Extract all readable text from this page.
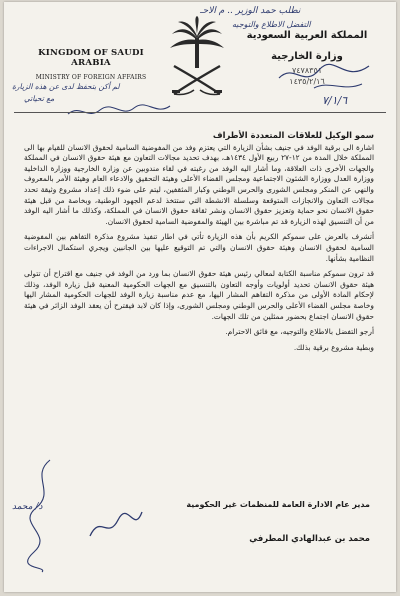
KINGDOM OF SAUDI ARABIA
MINISTRY OF FOREIGN AFFAIRS
المملكة العربية السعودية
وزارة الخارجية
٧٤٧٨٣٥١
١٤٣٥/٢/١٦
نطلب حمد الوزير .. م الاحـ
التفضل الاطلاع والتوجيه
لم أكن بتحفظ لدى عن هذه الزيارة
مع تحياتي	٧/١/٦
د/ محمد

سمو الوكيل للعلاقات المتعددة الأطراف

اشارة الى برقية الوفد في جنيف بشأن الزيارة التي يعتزم وفد من المفوضية السامية لحقوق الانسان للقيام بها الى المملكة خلال المدة من ١٢-٢٧ ربيع الأول ١٤٣٤هـ، بهدف تحديد مجالات التعاون مع هيئة حقوق الانسان في المملكة والجهات الأخرى ذات العلاقة، وما أشار اليه الوفد من رغبته في لقاء مندوبين عن وزارة الخارجية ووزارة الداخلية ووزارة العدل ووزارة الشئون الاجتماعية ومجلس القضاء الأعلى وهيئة التحقيق والادعاء العام وهيئة الأمر بالمعروف والنهي عن المنكر ومجلس الشورى والحرس الوطني وكبار المثقفين، ليتم على ضوء ذلك إعداد مشروع وثيقة تحدد مجالات التعاون والانجازات المتوقعة وسلسلة الانشطة التي ستتخذ لدعم الجهود الوطنية، وبخاصة من قبل هيئة حقوق الانسان نحو حماية وتعزيز حقوق الانسان ونشر ثقافة حقوق الانسان في المملكة، وكذلك ما أشار اليه الوفد من أن التنسيق لهذه الزيارة قد تم مباشرة بين الهيئة والمفوضية السامية لحقوق الانسان.

أتشرف بالعرض على سموكم الكريم بأن هذه الزيارة تأتي في اطار تنفيذ مشروع مذكرة التفاهم بين المفوضية السامية لحقوق الانسان وهيئة حقوق الانسان والتي تم التوقيع عليها بين الجانبين ويجري استكمال الاجراءات النظامية بشأنها.

قد ترون سموكم مناسبة الكتابة لمعالي رئيس هيئة حقوق الانسان بما ورد من الوفد في جنيف مع اقتراح أن تتولى هيئة حقوق الانسان تحديد أولويات وأوجه التعاون بالتنسيق مع الجهات الحكومية المعنية قبل زيارة الوفد، وذلك لإحكام المادة الأولى من مذكرة التفاهم المشار اليها، مع عدم مناسبة زيارة الوفد للجهات الحكومية المشار اليها وخاصة مجلس القضاء الأعلى والحرس الوطني ومجلس الشورى، وإذا كان لابد فيقترح أن يعقد الوفد الزائر في هيئة حقوق الانسان اجتماع بحضور ممثلين من تلك الجهات.

أرجو التفضل بالاطلاع والتوجيه، مع فائق الاحترام.

وبطية مشروع برقية بذلك.

مدير عام الادارة العامة للمنظمات غير الحكومية
محمد بن عبدالهادي المطرفي
